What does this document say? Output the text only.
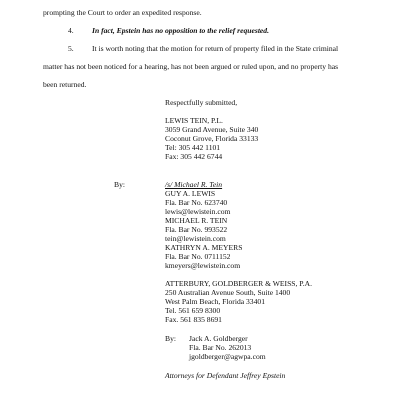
prompting the Court to order an expedited response.
4. In fact, Epstein has no opposition to the relief requested.
5. It is worth noting that the motion for return of property filed in the State criminal
matter has not been noticed for a hearing, has not been argued or ruled upon, and no property has
been returned.
Respectfully submitted,
LEWIS TEIN, P.L.
3059 Grand Avenue, Suite 340
Coconut Grove, Florida 33133
Tel: 305 442 1101
Fax: 305 442 6744
By:	/s/ Michael R. Tein
GUY A. LEWIS
Fla. Bar No. 623740
lewis@lewistein.com
MICHAEL R. TEIN
Fla. Bar No. 993522
tein@lewistein.com
KATHRYN A. MEYERS
Fla. Bar No. 0711152
kmeyers@lewistein.com
ATTERBURY, GOLDBERGER & WEISS, P.A.
250 Australian Avenue South, Suite 1400
West Palm Beach, Florida 33401
Tel. 561 659 8300
Fax. 561 835 8691
By: Jack A. Goldberger
Fla. Bar No. 262013
jgoldberger@agwpa.com
Attorneys for Defendant Jeffrey Epstein
